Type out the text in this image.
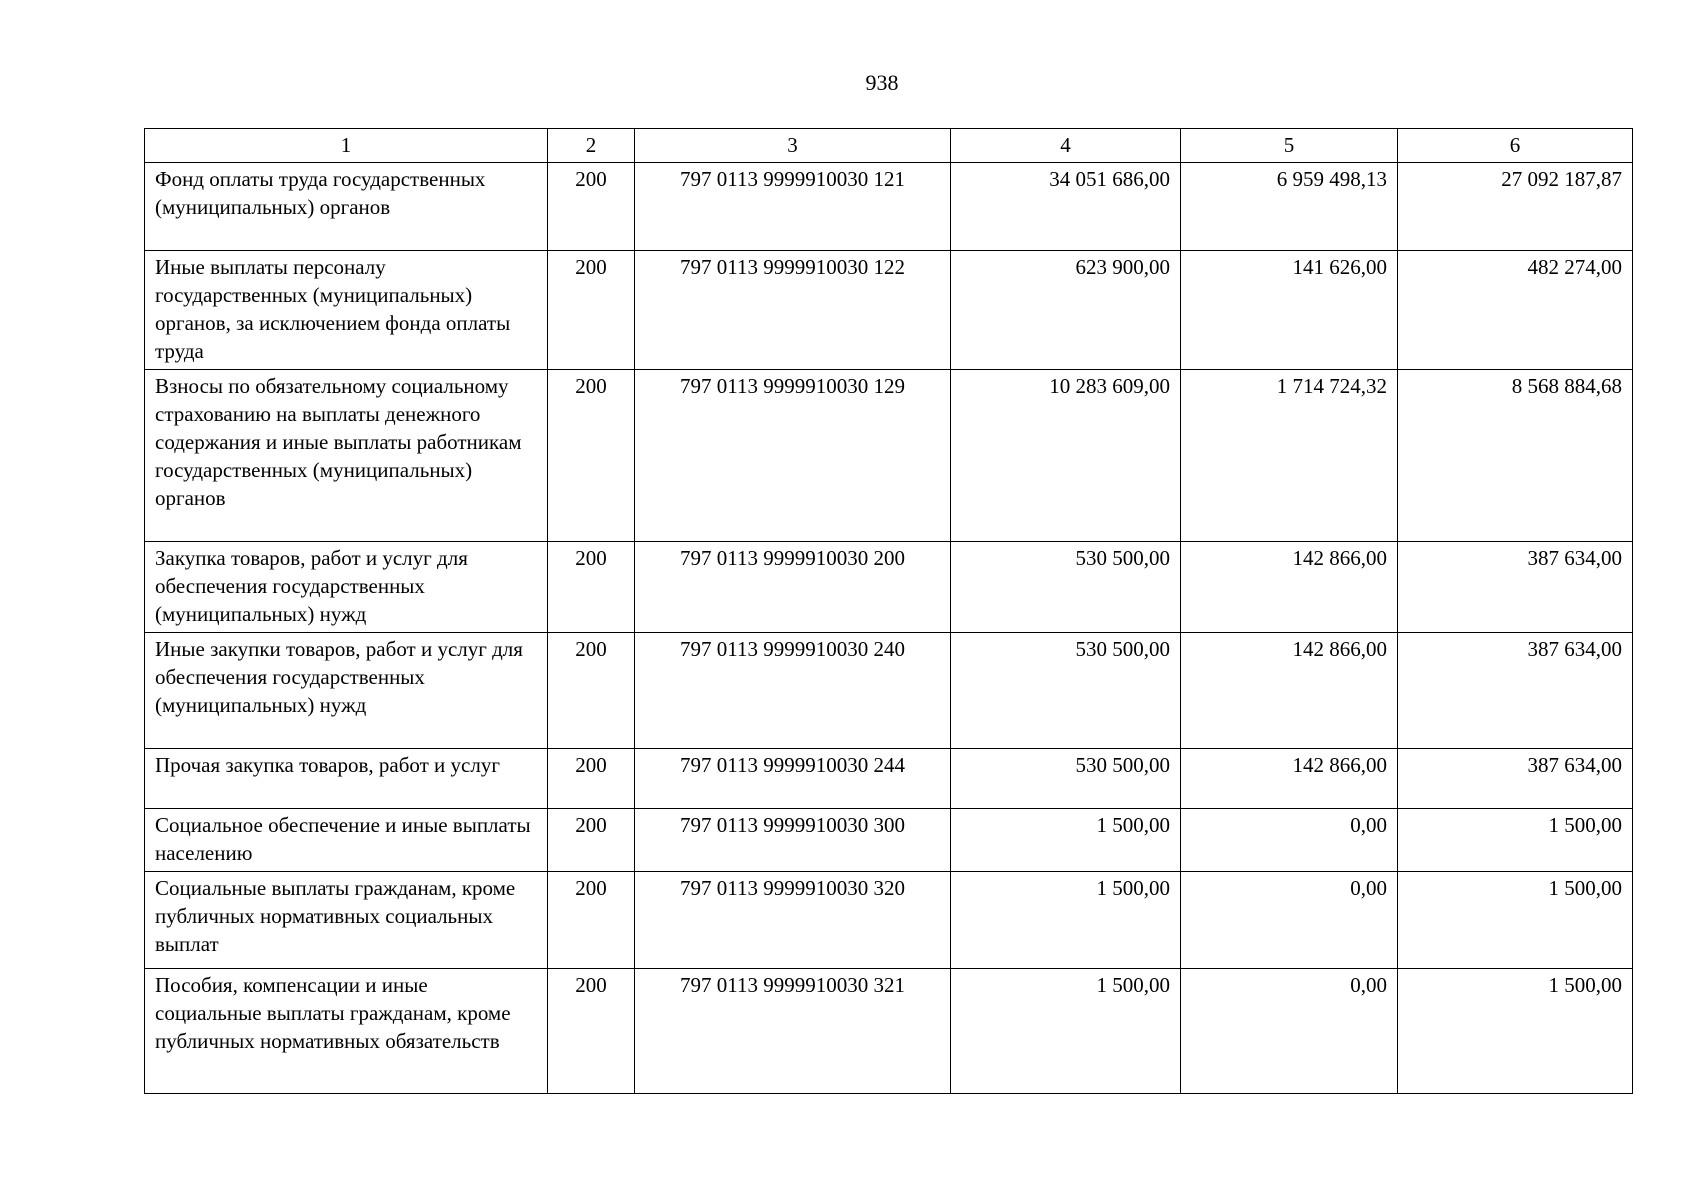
938
1	2	3	4	5	6
Фонд оплаты труда государственных (муниципальных) органов	200	797 0113 9999910030 121	34 051 686,00	6 959 498,13	27 092 187,87
Иные выплаты персоналу государственных (муниципальных) органов, за исключением фонда оплаты труда	200	797 0113 9999910030 122	623 900,00	141 626,00	482 274,00
Взносы по обязательному социальному страхованию на выплаты денежного содержания и иные выплаты работникам государственных (муниципальных) органов	200	797 0113 9999910030 129	10 283 609,00	1 714 724,32	8 568 884,68
Закупка товаров, работ и услуг для обеспечения государственных (муниципальных) нужд	200	797 0113 9999910030 200	530 500,00	142 866,00	387 634,00
Иные закупки товаров, работ и услуг для обеспечения государственных (муниципальных) нужд	200	797 0113 9999910030 240	530 500,00	142 866,00	387 634,00
Прочая закупка товаров, работ и услуг	200	797 0113 9999910030 244	530 500,00	142 866,00	387 634,00
Социальное обеспечение и иные выплаты населению	200	797 0113 9999910030 300	1 500,00	0,00	1 500,00
Социальные выплаты гражданам, кроме публичных нормативных социальных выплат	200	797 0113 9999910030 320	1 500,00	0,00	1 500,00
Пособия, компенсации и иные социальные выплаты гражданам, кроме публичных нормативных обязательств	200	797 0113 9999910030 321	1 500,00	0,00	1 500,00
